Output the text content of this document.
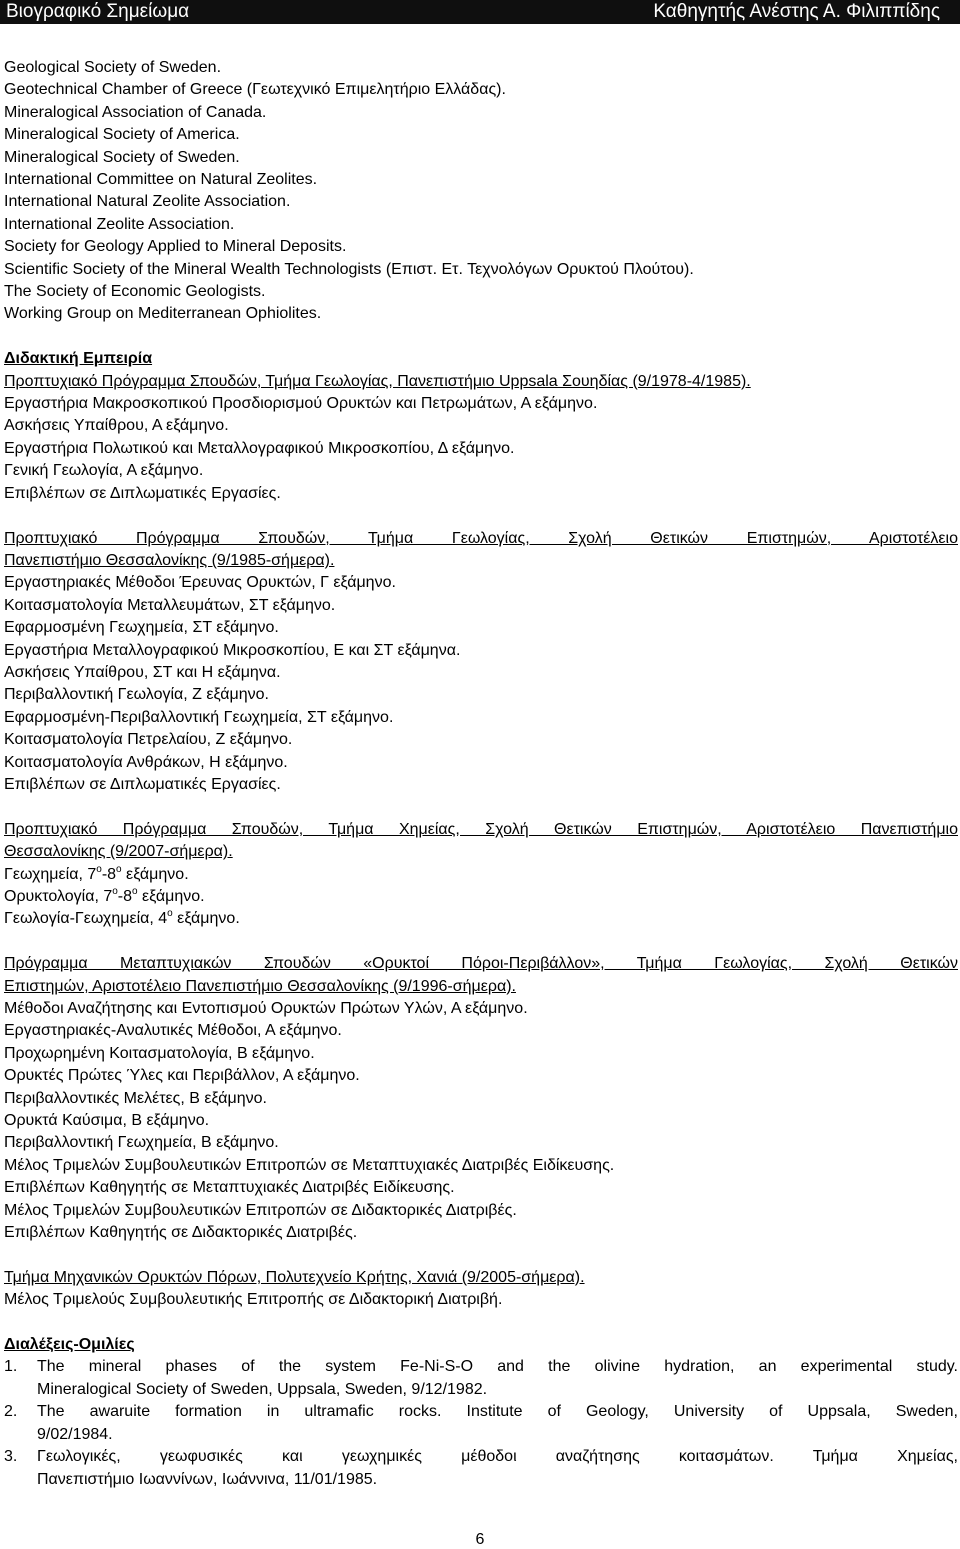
Βιογραφικό Σημείωμα	Καθηγητής Ανέστης Α. Φιλιππίδης
Geological Society of Sweden.
Geotechnical Chamber of Greece (Γεωτεχνικό Επιμελητήριο Ελλάδας).
Mineralogical Association of Canada.
Mineralogical Society of America.
Mineralogical Society of Sweden.
International Committee on Natural Zeolites.
International Natural Zeolite Association.
International Zeolite Association.
Society for Geology Applied to Mineral Deposits.
Scientific Society of the Mineral Wealth Technologists (Επιστ. Ετ. Τεχνολόγων Ορυκτού Πλούτου).
The Society of Economic Geologists.
Working Group on Mediterranean Ophiolites.
Διδακτική Εμπειρία
Προπτυχιακό Πρόγραμμα Σπουδών, Τμήμα Γεωλογίας, Πανεπιστήμιο Uppsala Σουηδίας (9/1978-4/1985).
Εργαστήρια Μακροσκοπικού Προσδιορισμού Ορυκτών και Πετρωμάτων, Α εξάμηνο.
Ασκήσεις Υπαίθρου, Α εξάμηνο.
Εργαστήρια Πολωτικού και Μεταλλογραφικού Μικροσκοπίου, Δ εξάμηνο.
Γενική Γεωλογία, Α εξάμηνο.
Επιβλέπων σε Διπλωματικές Εργασίες.
Προπτυχιακό Πρόγραμμα Σπουδών, Τμήμα Γεωλογίας, Σχολή Θετικών Επιστημών, Αριστοτέλειο
Πανεπιστήμιο Θεσσαλονίκης (9/1985-σήμερα).
Εργαστηριακές Μέθοδοι Έρευνας Ορυκτών, Γ εξάμηνο.
Κοιτασματολογία Μεταλλευμάτων, ΣΤ εξάμηνο.
Εφαρμοσμένη Γεωχημεία, ΣΤ εξάμηνο.
Εργαστήρια Μεταλλογραφικού Μικροσκοπίου, Ε και ΣΤ εξάμηνα.
Ασκήσεις Υπαίθρου, ΣΤ και Η εξάμηνα.
Περιβαλλοντική Γεωλογία, Ζ εξάμηνο.
Εφαρμοσμένη-Περιβαλλοντική Γεωχημεία, ΣΤ εξάμηνο.
Κοιτασματολογία Πετρελαίου, Ζ εξάμηνο.
Κοιτασματολογία Ανθράκων, Η εξάμηνο.
Επιβλέπων σε Διπλωματικές Εργασίες.
Προπτυχιακό Πρόγραμμα Σπουδών, Τμήμα Χημείας, Σχολή Θετικών Επιστημών, Αριστοτέλειο Πανεπιστήμιο
Θεσσαλονίκης (9/2007-σήμερα).
Γεωχημεία, $7^o-8^o$ εξάμηνο.
Ορυκτολογία, $7^o-8^o$ εξάμηνο.
Γεωλογία-Γεωχημεία, $4^o$ εξάμηνο.
Πρόγραμμα Μεταπτυχιακών Σπουδών «Ορυκτοί Πόροι-Περιβάλλον», Τμήμα Γεωλογίας, Σχολή Θετικών
Επιστημών, Αριστοτέλειο Πανεπιστήμιο Θεσσαλονίκης (9/1996-σήμερα).
Μέθοδοι Αναζήτησης και Εντοπισμού Ορυκτών Πρώτων Υλών, Α εξάμηνο.
Εργαστηριακές-Αναλυτικές Μέθοδοι, Α εξάμηνο.
Προχωρημένη Κοιτασματολογία, Β εξάμηνο.
Ορυκτές Πρώτες Ύλες και Περιβάλλον, Α εξάμηνο.
Περιβαλλοντικές Μελέτες, Β εξάμηνο.
Ορυκτά Καύσιμα, Β εξάμηνο.
Περιβαλλοντική Γεωχημεία, Β εξάμηνο.
Μέλος Τριμελών Συμβουλευτικών Επιτροπών σε Μεταπτυχιακές Διατριβές Ειδίκευσης.
Επιβλέπων Καθηγητής σε Μεταπτυχιακές Διατριβές Ειδίκευσης.
Μέλος Τριμελών Συμβουλευτικών Επιτροπών σε Διδακτορικές Διατριβές.
Επιβλέπων Καθηγητής σε Διδακτορικές Διατριβές.
Τμήμα Μηχανικών Ορυκτών Πόρων, Πολυτεχνείο Κρήτης, Χανιά (9/2005-σήμερα).
Μέλος Τριμελούς Συμβουλευτικής Επιτροπής σε Διδακτορική Διατριβή.
Διαλέξεις-Ομιλίες
1.	The mineral phases of the system Fe-Ni-S-O and the olivine hydration, an experimental study.
Mineralogical Society of Sweden, Uppsala, Sweden, 9/12/1982.
2.	The awaruite formation in ultramafic rocks. Institute of Geology, University of Uppsala, Sweden,
9/02/1984.
3.	Γεωλογικές, γεωφυσικές και γεωχημικές μέθοδοι αναζήτησης κοιτασμάτων. Τμήμα Χημείας,
Πανεπιστήμιο Ιωαννίνων, Ιωάννινα, 11/01/1985.
6
